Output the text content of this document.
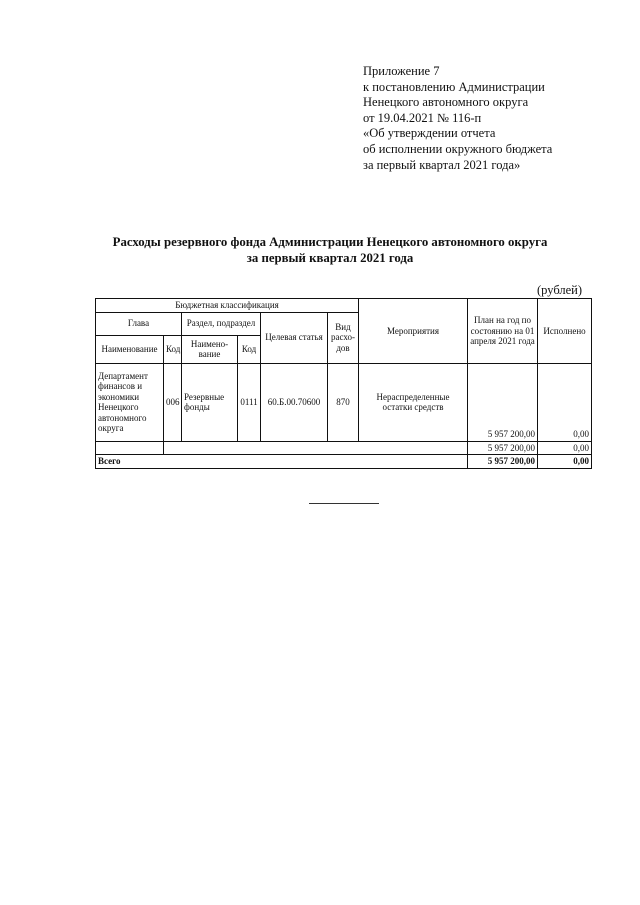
Приложение 7
к постановлению Администрации
Ненецкого автономного округа
от 19.04.2021 № 116-п
«Об утверждении отчета
об исполнении окружного бюджета
за первый квартал 2021 года»
Расходы резервного фонда Администрации Ненецкого автономного округа
за первый квартал 2021 года
(рублей)
Бюджетная классификация						Мероприятия	План на год по состоянию на 01 апреля 2021 года	Исполнено
Глава		Раздел, подраздел		Целевая статья	Вид расхо-дов			
Наименование	Код	Наимено-вание	Код					
Департамент финансов и экономики Ненецкого автономного округа	006	Резервные фонды	0111	60.Б.00.70600	870	Нераспределенные остатки средств	5 957 200,00	0,00
							5 957 200,00	0,00
Всего							5 957 200,00	0,00
